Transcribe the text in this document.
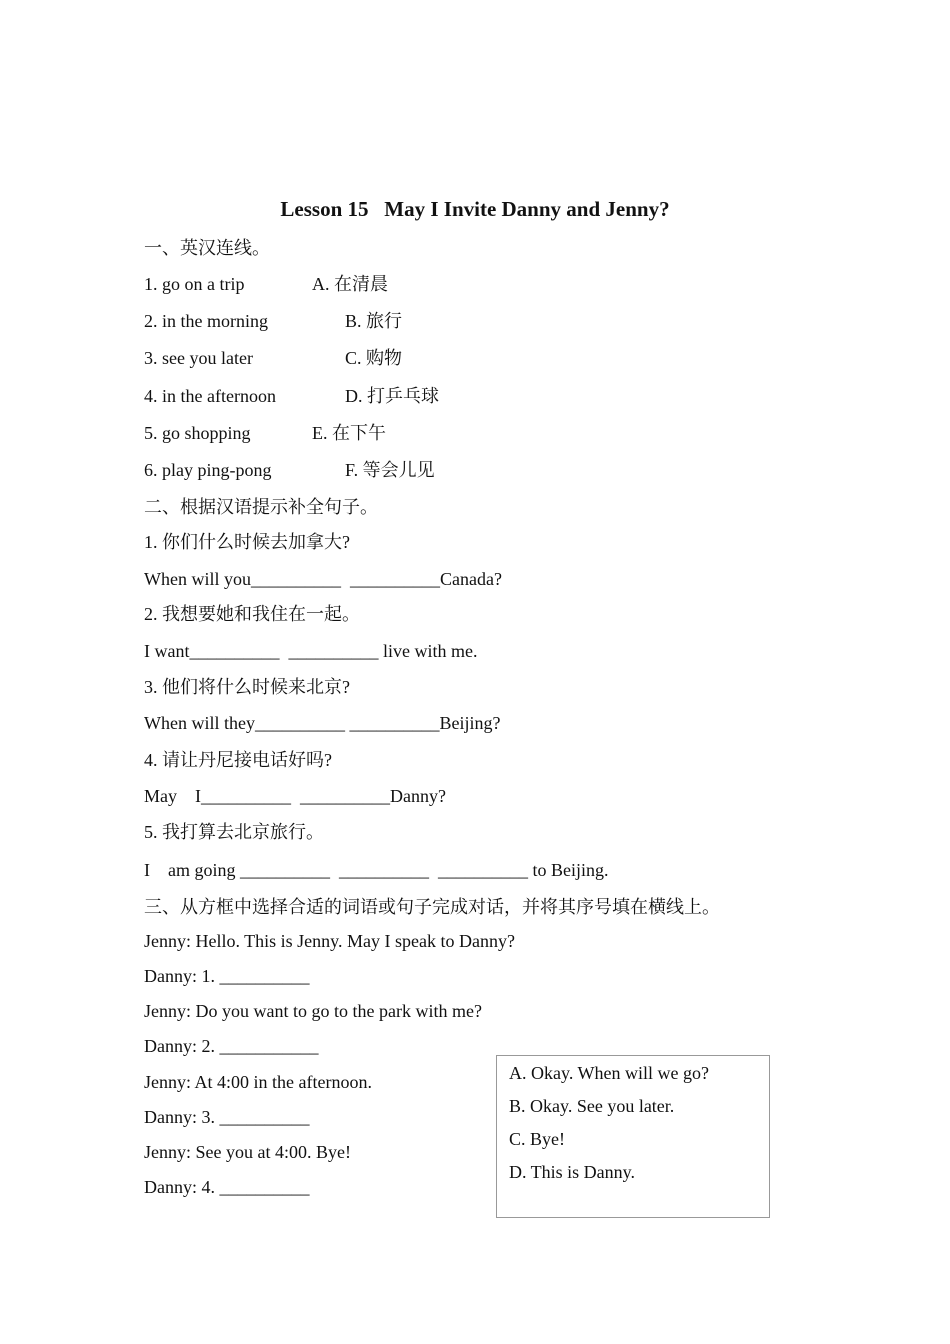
Lesson 15   May I Invite Danny and Jenny?
一、英汉连线。
1. go on a trip	A. 在清晨
2. in the morning	B. 旅行
3. see you later	C. 购物
4. in the afternoon	D. 打乒乓球
5. go shopping	E. 在下午
6. play ping-pong	F. 等会儿见
二、根据汉语提示补全句子。
1. 你们什么时候去加拿大?
When will you__________  __________Canada?
2. 我想要她和我住在一起。
I want__________  __________ live with me.
3. 他们将什么时候来北京?
When will they__________ __________Beijing?
4. 请让丹尼接电话好吗?
May    I__________  __________Danny?
5. 我打算去北京旅行。
I    am going __________  __________  __________ to Beijing.
三、从方框中选择合适的词语或句子完成对话，并将其序号填在横线上。
Jenny: Hello. This is Jenny. May I speak to Danny?
Danny: 1. __________
Jenny: Do you want to go to the park with me?
Danny: 2. ___________
Jenny: At 4:00 in the afternoon.
Danny: 3. __________
Jenny: See you at 4:00. Bye!
Danny: 4. __________
A. Okay. When will we go?
B. Okay. See you later.
C. Bye!
D. This is Danny.
